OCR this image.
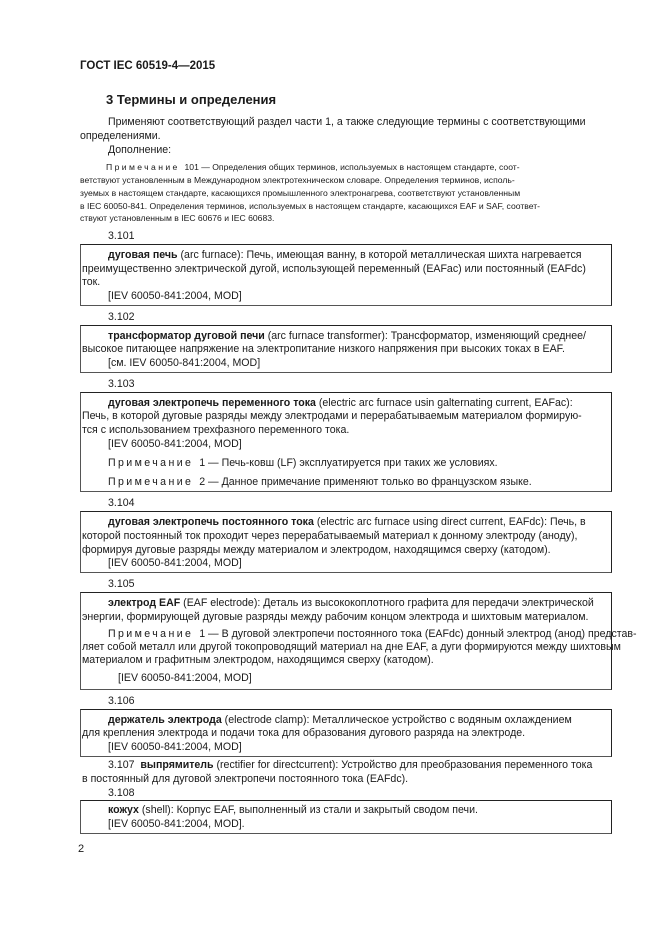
ГОСТ IEC 60519-4—2015
3 Термины и определения
Применяют соответствующий раздел части 1, а также следующие термины с соответствующими
определениями.
Дополнение:
Примечание 101 — Определения общих терминов, используемых в настоящем стандарте, соот-
ветствуют установленным в Международном электротехническом словаре. Определения терминов, исполь-
зуемых в настоящем стандарте, касающихся промышленного электронагрева, соответствуют установленным
в IEC 60050-841. Определения терминов, используемых в настоящем стандарте, касающихся EAF и SAF, соответ-
ствуют установленным в IEC 60676 и IEC 60683.
3.101
дуговая печь (arc furnace): Печь, имеющая ванну, в которой металлическая шихта нагревается
преимущественно электрической дугой, использующей переменный (EAFac) или постоянный (EAFdc)
ток.
[IEV 60050-841:2004, MOD]
3.102
трансформатор дуговой печи (arc furnace transformer): Трансформатор, изменяющий среднее/
высокое питающее напряжение на электропитание низкого напряжения при высоких токах в EAF.
[см. IEV 60050-841:2004, MOD]
3.103
дуговая электропечь переменного тока (electric arc furnace usin galternating current, EAFac):
Печь, в которой дуговые разряды между электродами и перерабатываемым материалом формирую-
тся с использованием трехфазного переменного тока.
[IEV 60050-841:2004, MOD]
Примечание 1 — Печь-ковш (LF) эксплуатируется при таких же условиях.
Примечание 2 — Данное примечание применяют только во французском языке.
3.104
дуговая электропечь постоянного тока (electric arc furnace using direct current, EAFdc): Печь, в
которой постоянный ток проходит через перерабатываемый материал к донному электроду (аноду),
формируя дуговые разряды между материалом и электродом, находящимся сверху (катодом).
[IEV 60050-841:2004, MOD]
3.105
электрод EAF (EAF electrode): Деталь из высококоплотного графита для передачи электрической
энергии, формирующей дуговые разряды между рабочим концом электрода и шихтовым материалом.
Примечание 1 — В дуговой электропечи постоянного тока (EAFdc) донный электрод (анод) представ-
ляет собой металл или другой токопроводящий материал на дне EAF, а дуги формируются между шихтовым
материалом и графитным электродом, находящимся сверху (катодом).
[IEV 60050-841:2004, MOD]
3.106
держатель электрода (electrode clamp): Металлическое устройство с водяным охлаждением
для крепления электрода и подачи тока для образования дугового разряда на электроде.
[IEV 60050-841:2004, MOD]
3.107 выпрямитель (rectifier for directcurrent): Устройство для преобразования переменного тока
в постоянный для дуговой электропечи постоянного тока (EAFdc).
3.108
кожух (shell): Корпус EAF, выполненный из стали и закрытый сводом печи.
[IEV 60050-841:2004, MOD].
2
